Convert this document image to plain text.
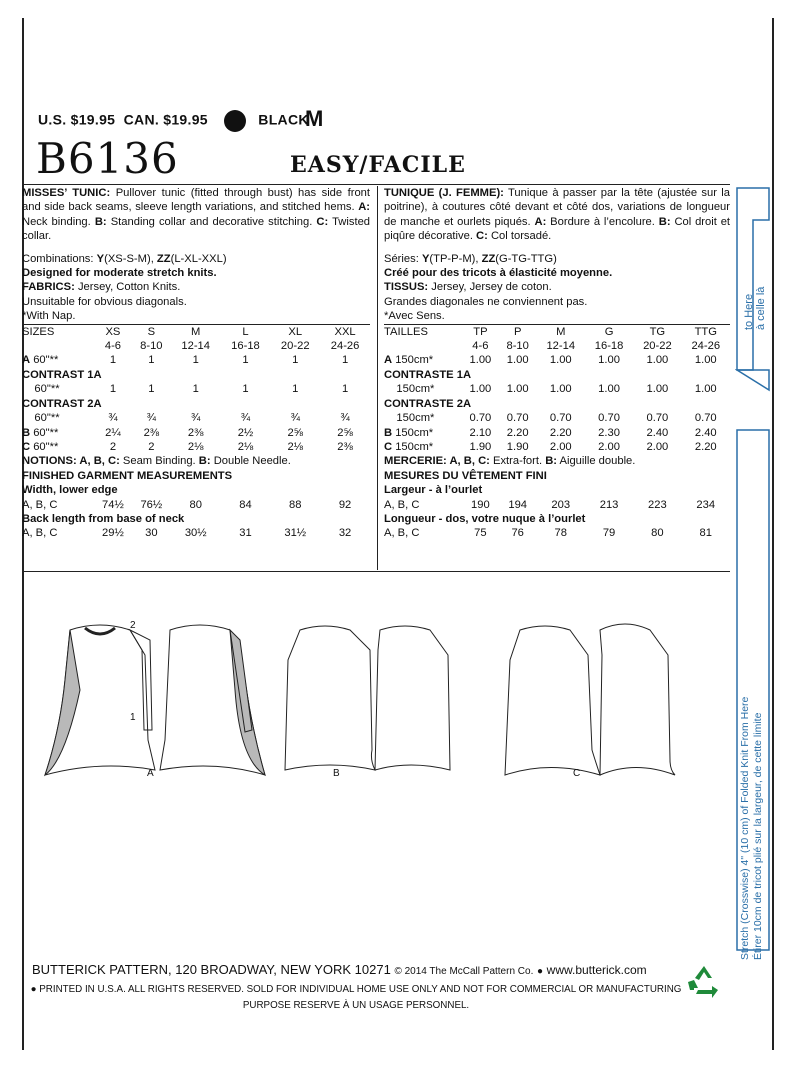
U.S. $19.95 CAN. $19.95	BLACK
M
B6136	EASY/FACILE
MISSES’ TUNIC: Pullover tunic (fitted through bust) has side front and side back seams, sleeve length variations, and stitched hems. A: Neck binding. B: Standing collar and decorative stitching. C: Twisted collar.
Combinations: Y(XS-S-M), ZZ(L-XL-XXL)
Designed for moderate stretch knits.
FABRICS: Jersey, Cotton Knits.
Unsuitable for obvious diagonals.
*With Nap.
SIZES	XS	S	M	L	XL	XXL
	4-6	8-10	12-14	16-18	20-22	24-26
A 60"**	1	1	1	1	1	1
CONTRAST 1A						
60"**	1	1	1	1	1	1
CONTRAST 2A						
60"**	¾	¾	¾	¾	¾	¾
B 60"**	2¼	2⅜	2⅜	2½	2⅝	2⅝
C 60"**	2	2	2⅛	2⅛	2⅛	2⅜
NOTIONS: A, B, C: Seam Binding. B: Double Needle.						
FINISHED GARMENT MEASUREMENTS						
Width, lower edge						
A, B, C	74½	76½	80	84	88	92
Back length from base of neck						
A, B, C	29½	30	30½	31	31½	32
TUNIQUE (J. FEMME): Tunique à passer par la tête (ajustée sur la poitrine), à coutures côté devant et côté dos, variations de longueur de manche et ourlets piqués. A: Bordure à l’encolure. B: Col droit et piqûre décorative. C: Col torsadé.
Séries: Y(TP-P-M), ZZ(G-TG-TTG)
Créé pour des tricots à élasticité moyenne.
TISSUS: Jersey, Jersey de coton.
Grandes diagonales ne conviennent pas.
*Avec Sens.
TAILLES	TP	P	M	G	TG	TTG
	4-6	8-10	12-14	16-18	20-22	24-26
A 150cm*	1.00	1.00	1.00	1.00	1.00	1.00
CONTRASTE 1A						
150cm*	1.00	1.00	1.00	1.00	1.00	1.00
CONTRASTE 2A						
150cm*	0.70	0.70	0.70	0.70	0.70	0.70
B 150cm*	2.10	2.20	2.20	2.30	2.40	2.40
C 150cm*	1.90	1.90	2.00	2.00	2.00	2.20
MERCERIE: A, B, C: Extra-fort. B: Aiguille double.						
MESURES DU VÊTEMENT FINI						
Largeur - à l’ourlet						
A, B, C	190	194	203	213	223	234
Longueur - dos, votre nuque à l’ourlet						
A, B, C	75	76	78	79	80	81
A	B	C
2
1
to Here à celle là
Stretch (Crosswise) 4" (10 cm) of Folded Knit From Here Étirer 10cm de tricot plié sur la largeur, de cette limite
BUTTERICK PATTERN, 120 BROADWAY, NEW YORK 10271 © 2014 The McCall Pattern Co. ● www.butterick.com
● PRINTED IN U.S.A. ALL RIGHTS RESERVED. SOLD FOR INDIVIDUAL HOME USE ONLY AND NOT FOR COMMERCIAL OR MANUFACTURING
PURPOSE RESERVE À UN USAGE PERSONNEL.
